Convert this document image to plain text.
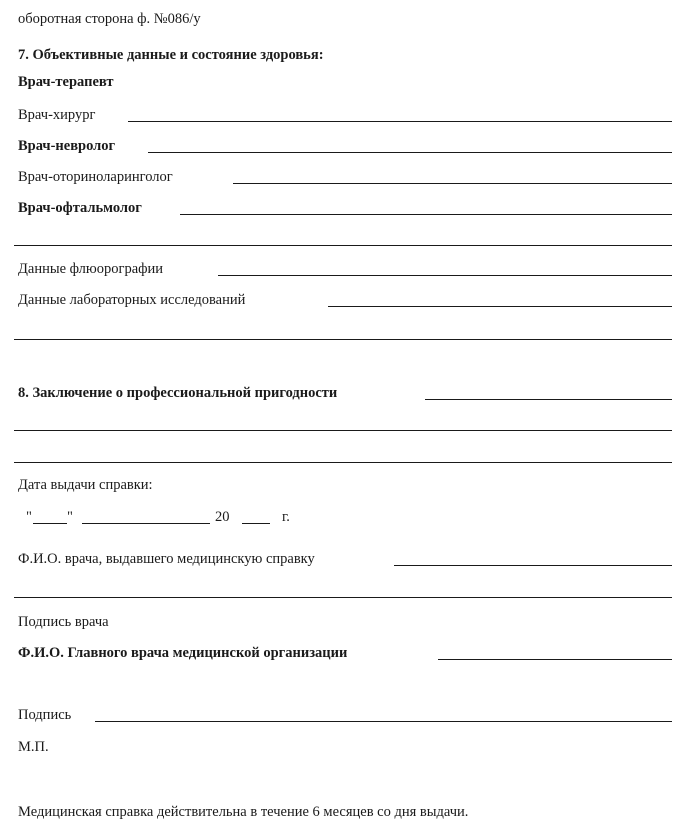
оборотная сторона ф. №086/у
7. Объективные данные и состояние здоровья:
Врач-терапевт
Врач-хирург
Врач-невролог
Врач-оториноларинголог
Врач-офтальмолог
Данные флюорографии
Данные лабораторных исследований
8. Заключение о профессиональной пригодности
Дата выдачи справки:
" "	20	г.
Ф.И.О. врача, выдавшего медицинскую справку
Подпись врача
Ф.И.О. Главного врача медицинской организации
Подпись
М.П.
Медицинская справка действительна в течение 6 месяцев со дня выдачи.
